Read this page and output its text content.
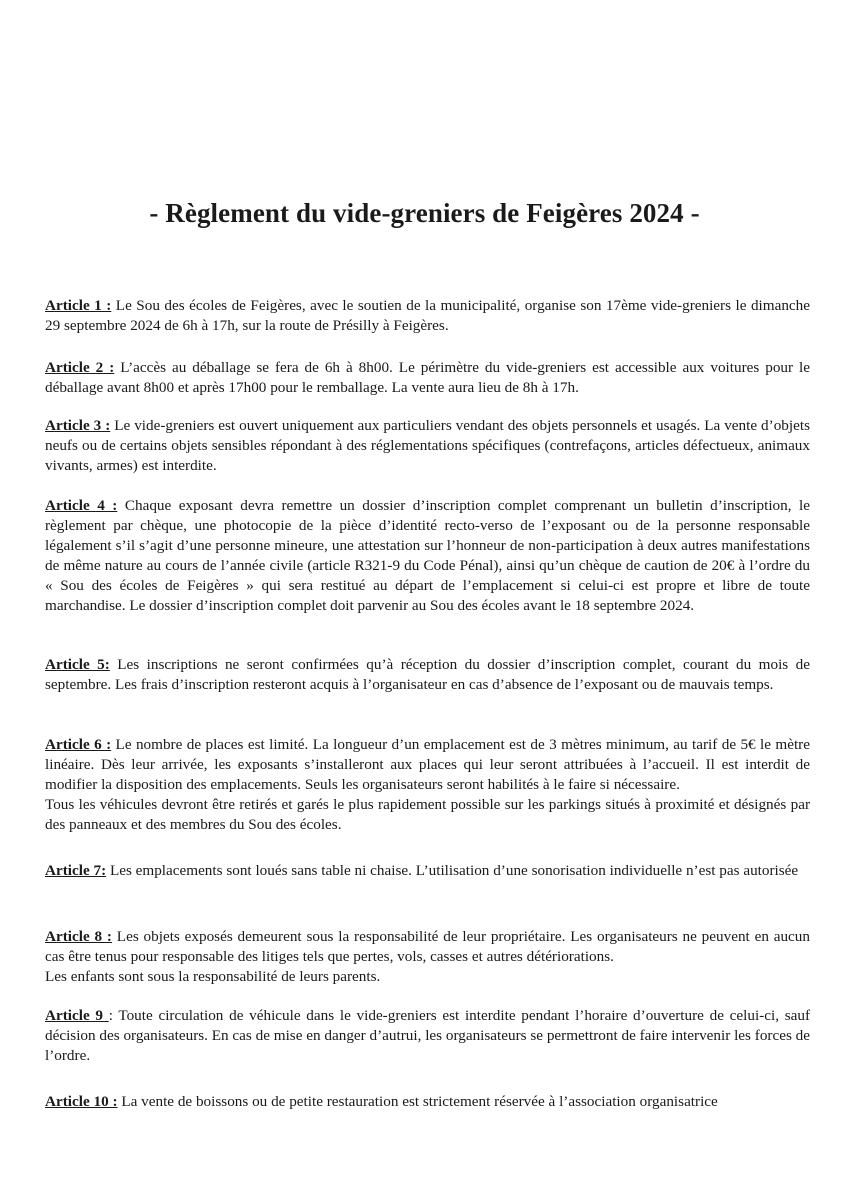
- Règlement du vide-greniers de Feigères 2024 -

Article 1 : Le Sou des écoles de Feigères, avec le soutien de la municipalité, organise son 17ème vide-greniers le dimanche 29 septembre 2024 de 6h à 17h, sur la route de Présilly à Feigères.

Article 2 : L’accès au déballage se fera de 6h à 8h00. Le périmètre du vide-greniers est accessible aux voitures pour le déballage avant 8h00 et après 17h00 pour le remballage. La vente aura lieu de 8h à 17h.

Article 3 : Le vide-greniers est ouvert uniquement aux particuliers vendant des objets personnels et usagés. La vente d’objets neufs ou de certains objets sensibles répondant à des réglementations spécifiques (contrefaçons, articles défectueux, animaux vivants, armes) est interdite.

Article 4 : Chaque exposant devra remettre un dossier d’inscription complet comprenant un bulletin d’inscription, le règlement par chèque, une photocopie de la pièce d’identité recto-verso de l’exposant ou de la personne responsable légalement s’il s’agit d’une personne mineure, une attestation sur l’honneur de non-participation à deux autres manifestations de même nature au cours de l’année civile (article R321-9 du Code Pénal), ainsi qu’un chèque de caution de 20€ à l’ordre du « Sou des écoles de Feigères » qui sera restitué au départ de l’emplacement si celui-ci est propre et libre de toute marchandise. Le dossier d’inscription complet doit parvenir au Sou des écoles avant le 18 septembre 2024.

Article 5: Les inscriptions ne seront confirmées qu’à réception du dossier d’inscription complet, courant du mois de septembre. Les frais d’inscription resteront acquis à l’organisateur en cas d’absence de l’exposant ou de mauvais temps.

Article 6 : Le nombre de places est limité. La longueur d’un emplacement est de 3 mètres minimum, au tarif de 5€ le mètre linéaire. Dès leur arrivée, les exposants s’installeront aux places qui leur seront attribuées à l’accueil. Il est interdit de modifier la disposition des emplacements. Seuls les organisateurs seront habilités à le faire si nécessaire.
Tous les véhicules devront être retirés et garés le plus rapidement possible sur les parkings situés à proximité et désignés par des panneaux et des membres du Sou des écoles.

Article 7: Les emplacements sont loués sans table ni chaise. L’utilisation d’une sonorisation individuelle n’est pas autorisée

Article 8 : Les objets exposés demeurent sous la responsabilité de leur propriétaire. Les organisateurs ne peuvent en aucun cas être tenus pour responsable des litiges tels que pertes, vols, casses et autres détériorations.
Les enfants sont sous la responsabilité de leurs parents.

Article 9 : Toute circulation de véhicule dans le vide-greniers est interdite pendant l’horaire d’ouverture de celui-ci, sauf décision des organisateurs. En cas de mise en danger d’autrui, les organisateurs se permettront de faire intervenir les forces de l’ordre.

Article 10 : La vente de boissons ou de petite restauration est strictement réservée à l’association organisatrice
